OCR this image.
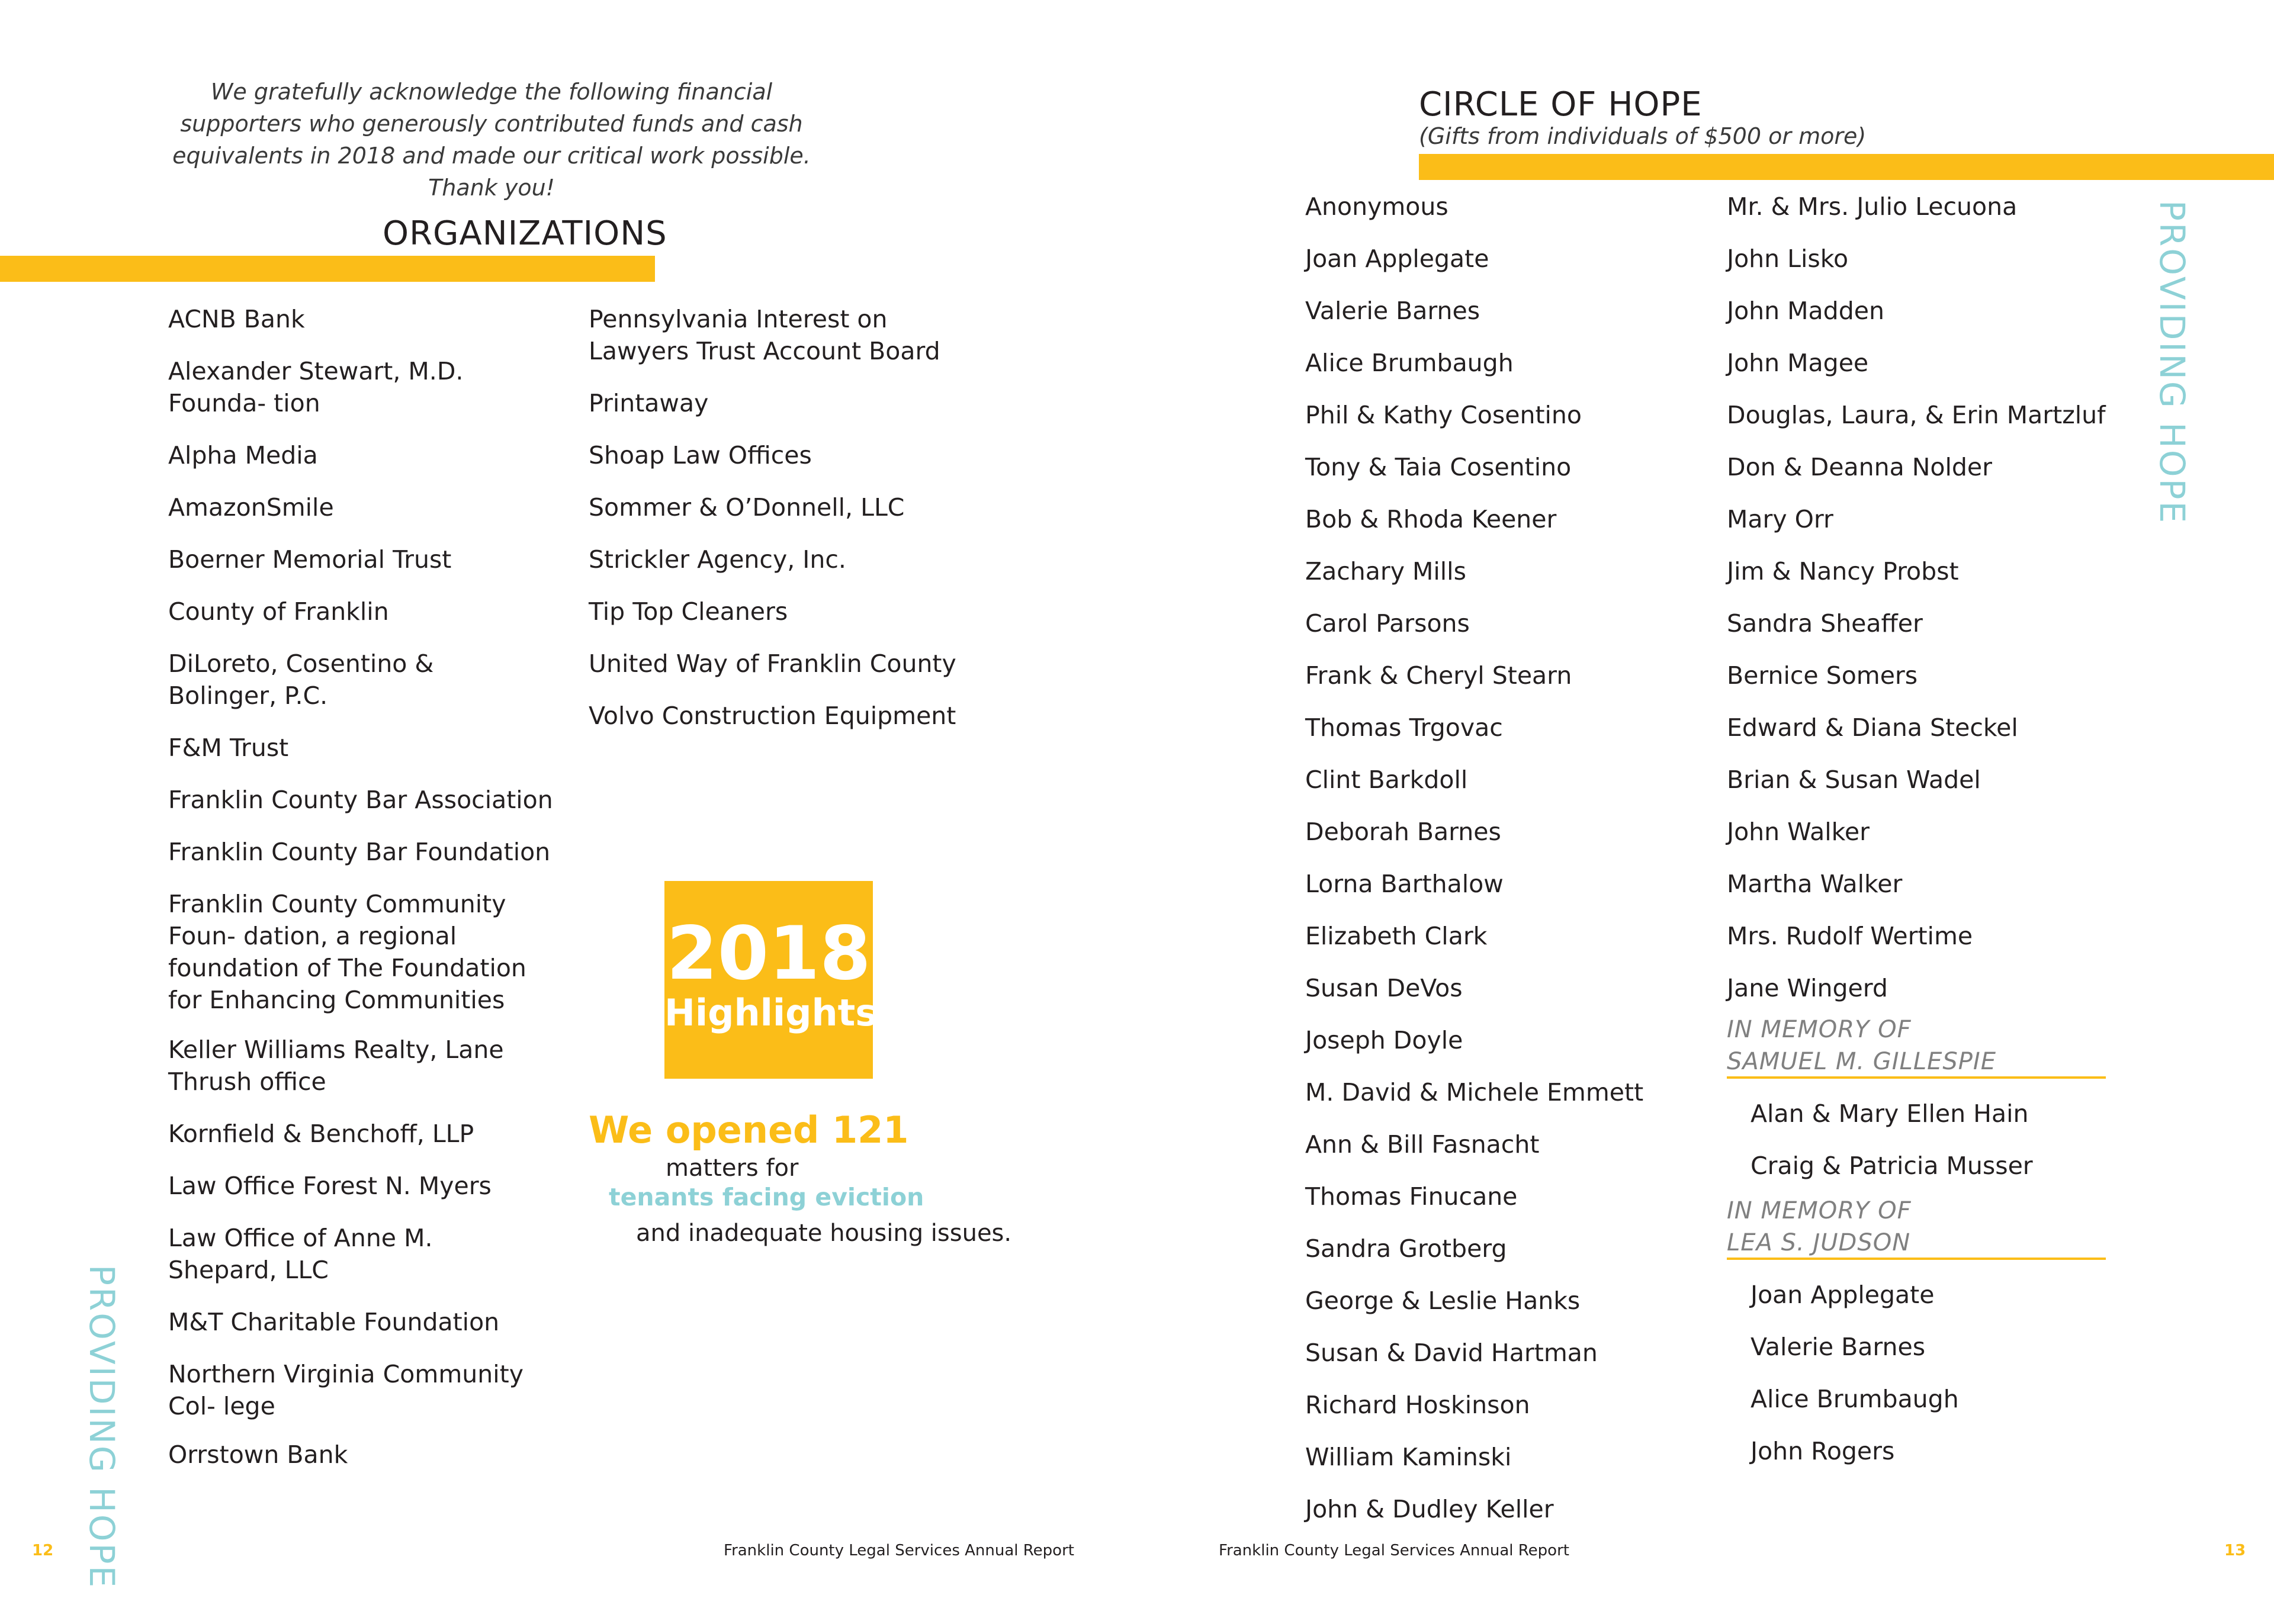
We gratefully acknowledge the following financial supporters who generously contributed funds and cash equivalents in 2018 and made our critical work possible. Thank you!
ORGANIZATIONS
ACNB Bank
Alexander Stewart, M.D. Founda- tion
Alpha Media
AmazonSmile
Boerner Memorial Trust
County of Franklin
DiLoreto, Cosentino & Bolinger, P.C.
F&M Trust
Franklin County Bar Association
Franklin County Bar Foundation
Franklin County Community Foun- dation, a regional foundation of The Foundation for Enhancing Communities
Keller Williams Realty, Lane Thrush office
Kornfield & Benchoff, LLP
Law Office Forest N. Myers
Law Office of Anne M. Shepard, LLC
M&T Charitable Foundation
Northern Virginia Community Col- lege
Orrstown Bank
Pennsylvania Interest on Lawyers Trust Account Board
Printaway
Shoap Law Offices
Sommer & O’Donnell, LLC
Strickler Agency, Inc.
Tip Top Cleaners
United Way of Franklin County
Volvo Construction Equipment
2018
Highlights
We opened 121
matters for
tenants facing eviction
and inadequate housing issues.
PROVIDING HOPE
12	Franklin County Legal Services Annual Report
CIRCLE OF HOPE
(Gifts from individuals of $500 or more)
PROVIDING HOPE
Anonymous
Joan Applegate
Valerie Barnes
Alice Brumbaugh
Phil & Kathy Cosentino
Tony & Taia Cosentino
Bob & Rhoda Keener
Zachary Mills
Carol Parsons
Frank & Cheryl Stearn
Thomas Trgovac
Clint Barkdoll
Deborah Barnes
Lorna Barthalow
Elizabeth Clark
Susan DeVos
Joseph Doyle
M. David & Michele Emmett
Ann & Bill Fasnacht
Thomas Finucane
Sandra Grotberg
George & Leslie Hanks
Susan & David Hartman
Richard Hoskinson
William Kaminski
John & Dudley Keller
Mr. & Mrs. Julio Lecuona
John Lisko
John Madden
John Magee
Douglas, Laura, & Erin Martzluf
Don & Deanna Nolder
Mary Orr
Jim & Nancy Probst
Sandra Sheaffer
Bernice Somers
Edward & Diana Steckel
Brian & Susan Wadel
John Walker
Martha Walker
Mrs. Rudolf Wertime
Jane Wingerd
IN MEMORY OF
SAMUEL M. GILLESPIE
Alan & Mary Ellen Hain
Craig & Patricia Musser
IN MEMORY OF
LEA S. JUDSON
Joan Applegate
Valerie Barnes
Alice Brumbaugh
John Rogers
Franklin County Legal Services Annual Report	13
